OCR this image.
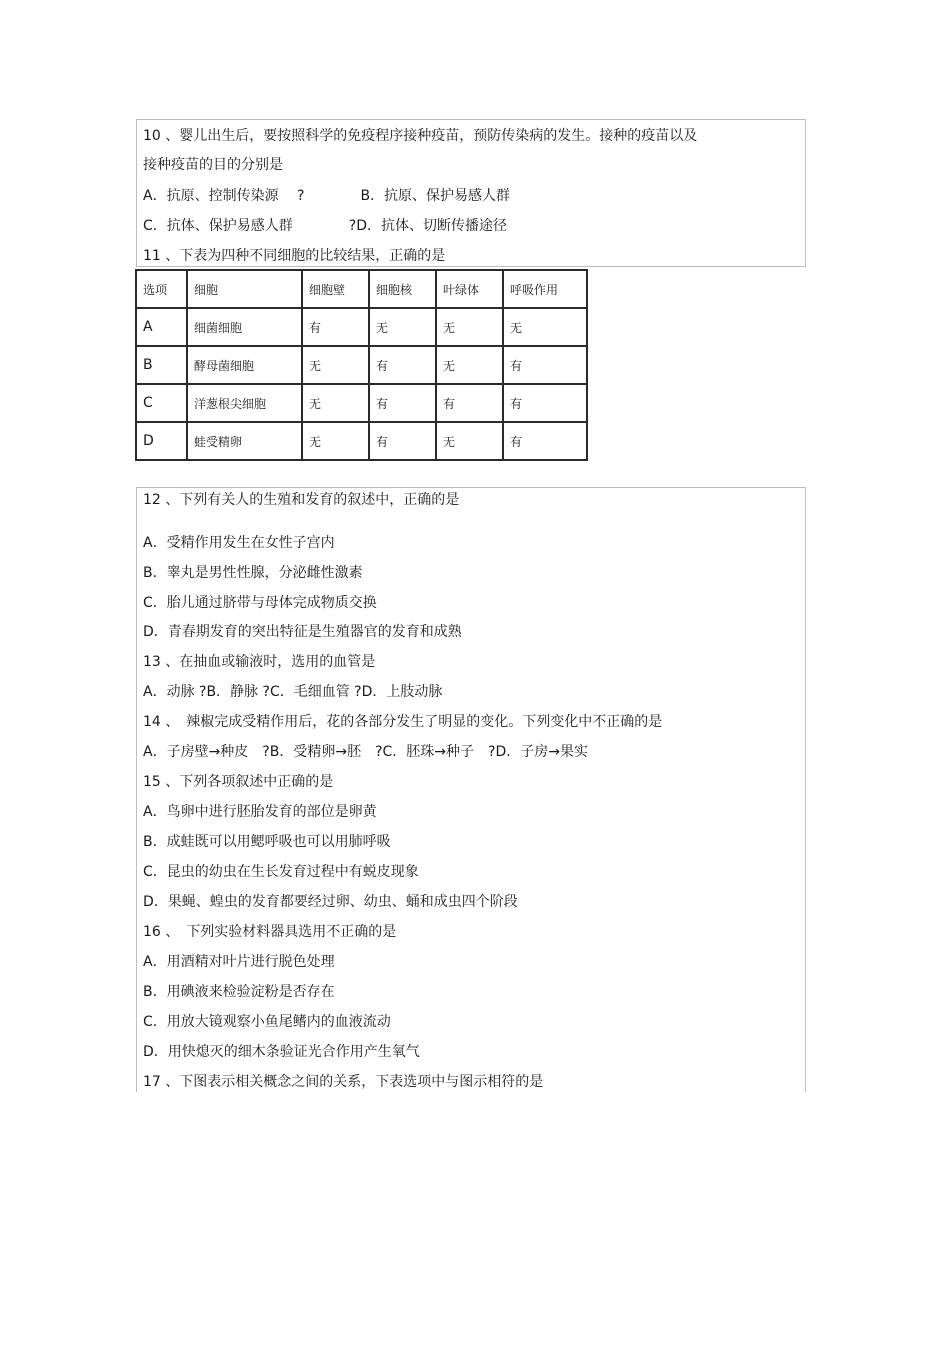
10 、婴儿出生后，要按照科学的免疫程序接种疫苗，预防传染病的发生。接种的疫苗以及
接种疫苗的目的分别是
A．抗原、控制传染源　 ?　　　　B．抗原、保护易感人群
C．抗体、保护易感人群　　　　?D．抗体、切断传播途径
11 、下表为四种不同细胞的比较结果，正确的是
选项	细胞	细胞壁	细胞核	叶绿体	呼吸作用
A	细菌细胞	有	无	无	无
B	酵母菌细胞	无	有	无	有
C	洋葱根尖细胞	无	有	有	有
D	蛙受精卵	无	有	无	有
12 、下列有关人的生殖和发育的叙述中，正确的是
A．受精作用发生在女性子宫内
B．睾丸是男性性腺，分泌雌性激素
C．胎儿通过脐带与母体完成物质交换
D．青春期发育的突出特征是生殖器官的发育和成熟
13 、在抽血或输液时，选用的血管是
A．动脉 ?B．静脉 ?C．毛细血管 ?D．上肢动脉
14 、　辣椒完成受精作用后，花的各部分发生了明显的变化。下列变化中不正确的是
A．子房壁→种皮　?B．受精卵→胚　?C．胚珠→种子　?D．子房→果实
15 、下列各项叙述中正确的是
A．鸟卵中进行胚胎发育的部位是卵黄
B．成蛙既可以用鳃呼吸也可以用肺呼吸
C．昆虫的幼虫在生长发育过程中有蜕皮现象
D．果蝇、蝗虫的发育都要经过卵、幼虫、蛹和成虫四个阶段
16 、　下列实验材料器具选用不正确的是
A．用酒精对叶片进行脱色处理
B．用碘液来检验淀粉是否存在
C．用放大镜观察小鱼尾鳍内的血液流动
D．用快熄灭的细木条验证光合作用产生氧气
17 、下图表示相关概念之间的关系，下表选项中与图示相符的是
